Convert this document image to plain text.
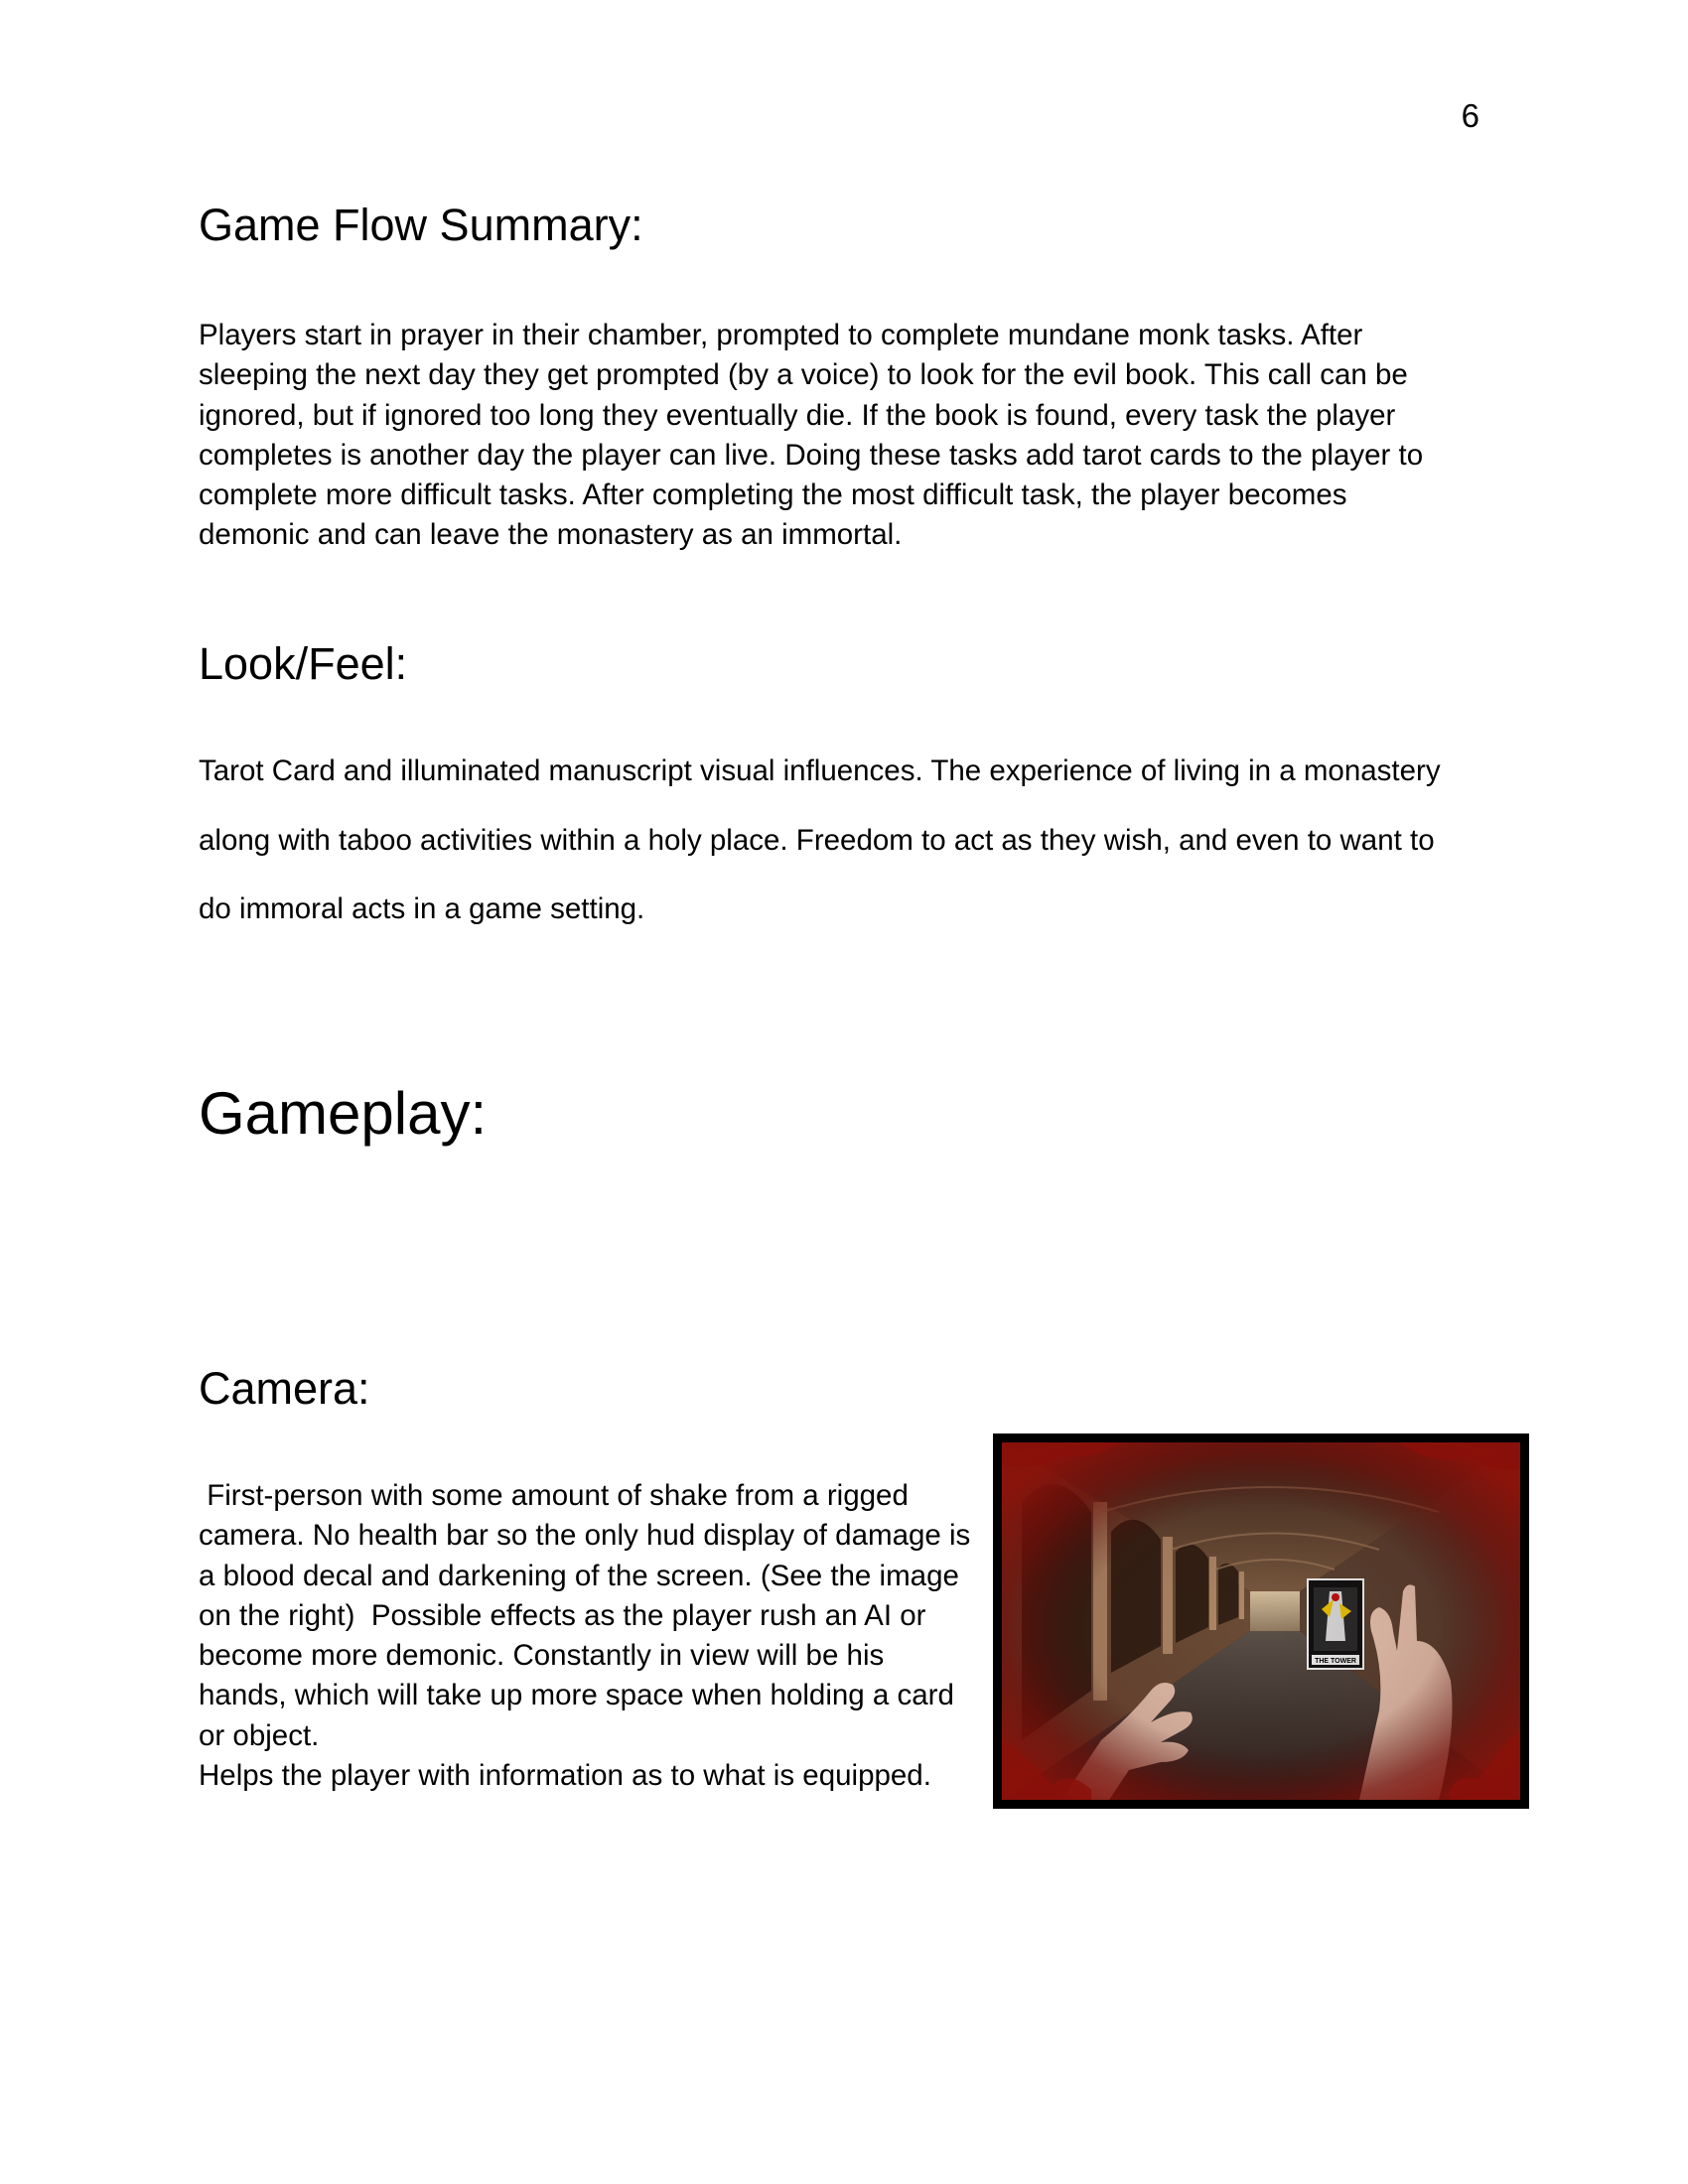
6
Game Flow Summary:
Players start in prayer in their chamber, prompted to complete mundane monk tasks. After
sleeping the next day they get prompted (by a voice) to look for the evil book. This call can be
ignored, but if ignored too long they eventually die. If the book is found, every task the player
completes is another day the player can live. Doing these tasks add tarot cards to the player to
complete more difficult tasks. After completing the most difficult task, the player becomes
demonic and can leave the monastery as an immortal.
Look/Feel:
Tarot Card and illuminated manuscript visual influences. The experience of living in a monastery
along with taboo activities within a holy place. Freedom to act as they wish, and even to want to
do immoral acts in a game setting.
Gameplay:
Camera:
First-person with some amount of shake from a rigged
camera. No health bar so the only hud display of damage is
a blood decal and darkening of the screen. (See the image
on the right)  Possible effects as the player rush an AI or
become more demonic. Constantly in view will be his
hands, which will take up more space when holding a card
or object.
Helps the player with information as to what is equipped.
